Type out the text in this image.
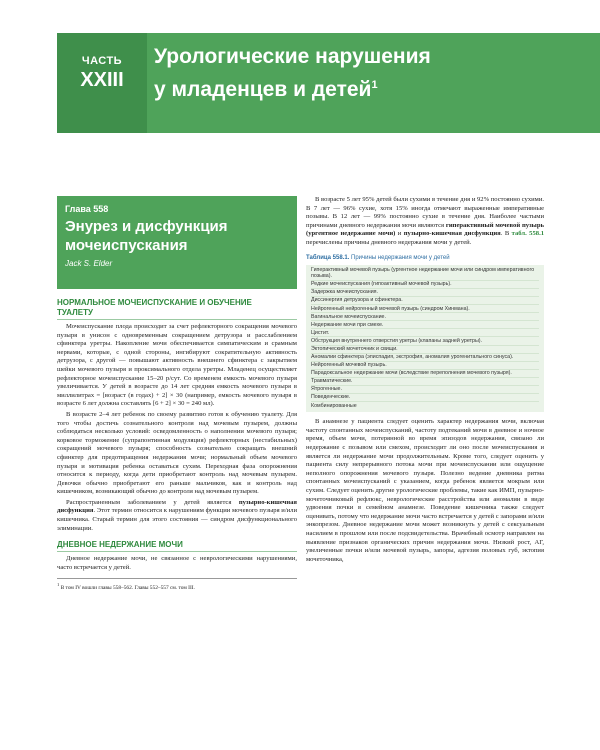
ЧАСТЬ
XXIII
Урологические нарушения
у младенцев и детей$^1$
Глава 558
Энурез и дисфункция
мочеиспускания
Jack S. Elder
НОРМАЛЬНОЕ МОЧЕИСПУСКАНИЕ И ОБУЧЕНИЕ
ТУАЛЕТУ

Мочеиспускание плода происходит за счет рефлекторного сокращения мочевого пузыря в унисон с одновременным сокращением детрузора и расслаблением сфинктера уретры. Накопление мочи обеспечивается симпатическим и срамным нервами, которые, с одной стороны, ингибируют сократительную активность детрузора, с другой — повышают активность внешнего сфинктера с закрытием шейки мочевого пузыря и проксимального отдела уретры. Младенец осуществляет рефлекторное мочеиспускание 15–20 р/сут. Со временем емкость мочевого пузыря увеличивается. У детей в возрасте до 14 лет средняя емкость мочевого пузыря в миллилитрах = [возраст (в годах) + 2] × 30 (например, емкость мочевого пузыря в возрасте 6 лет должна составлять [6 + 2] × 30 = 240 мл).

В возрасте 2–4 лет ребенок по своему развитию готов к обучению туалету. Для того чтобы достичь сознательного контроля над мочевым пузырем, должны соблюдаться несколько условий: осведомленность о наполнении мочевого пузыря; корковое торможение (супрапонтинная модуляция) рефлекторных (нестабильных) сокращений мочевого пузыря; способность сознательно сокращать внешний сфинктер для предотвращения недержания мочи; нормальный объем мочевого пузыря и мотивация ребенка оставаться сухим. Переходная фаза опорожнения относится к периоду, когда дети приобретают контроль над мочевым пузырем. Девочки обычно приобретают его раньше мальчиков, как и контроль над кишечником, возникающий обычно до контроля над мочевым пузырем.

Распространенным заболеванием у детей является пузырно-кишечная дисфункция. Этот термин относится к нарушениям функции мочевого пузыря и/или кишечника. Старый термин для этого состояния — синдром дисфункционального элиминации.

ДНЕВНОЕ НЕДЕРЖАНИЕ МОЧИ

Дневное недержание мочи, не связанное с неврологическими нарушениями, часто встречается у детей.

$^1$ В том IV вошли главы 558–562. Главы 552–557 см. том III.

В возрасте 5 лет 95% детей были сухими в течение дня и 92% постоянно сухими. В 7 лет — 96% сухие, хотя 15% иногда отмечают выраженные императивные позывы. В 12 лет — 99% постоянно сухие в течение дня. Наиболее частыми причинами дневного недержания мочи являются гиперактивный мочевой пузырь (ургентное недержание мочи) и пузырно-кишечная дисфункция. В табл. 558.1 перечислены причины дневного недержания мочи у детей.

Таблица 558.1. Причины недержания мочи у детей
Гиперактивный мочевой пузырь (ургентное недержание мочи или синдром императивного позыва).
Редкие мочеиспускания (гипоактивный мочевой пузырь).
Задержка мочеиспускания.
Диссинергия детрузора и сфинктера.
Нейрогенный нейрогенный мочевой пузырь (синдром Хинмана).
Вагинальное мочеиспускание.
Недержание мочи при смехе.
Цистит.
Обструкция внутреннего отверстия уретры (клапаны задней уретры).
Эктопический мочеточник и свищи.
Аномалии сфинктера (эписпадия, экстрофия, аномалия урогенитального синуса).
Нейрогенный мочевой пузырь.
Парадоксальное недержание мочи (вследствие переполнения мочевого пузыря).
Травматические.
Ятрогенные.
Поведенческие.
Комбинированные

В анамнезе у пациента следует оценить характер недержания мочи, включая частоту спонтанных мочеиспусканий, частоту подтеканий мочи в дневное и ночное время, объем мочи, потерянной во время эпизодов недержания, связано ли недержание с позывом или смехом, происходит ли оно после мочеиспускания и является ли недержание мочи продолжительным. Кроме того, следует оценить у пациента силу непрерывного потока мочи при мочеиспускании или ощущение неполного опорожнения мочевого пузыря. Полезно ведение дневника ритма спонтанных мочеиспусканий с указанием, когда ребенок является мокрым или сухим. Следует оценить другие урологические проблемы, такие как ИМП, пузырно-мочеточниковый рефлюкс, неврологические расстройства или аномалии в виде удвоения почки в семейном анамнезе. Поведение кишечника также следует оценивать, потому что недержание мочи часто встречается у детей с запорами и/или энкопрезом. Дневное недержание мочи может возникнуть у детей с сексуальным насилием в прошлом или после подсвидетельства. Врачебный осмотр направлен на выявление признаков органических причин недержания мочи. Низкий рост, АГ, увеличенные почки и/или мочевой пузырь, запоры, адгезия половых губ, эктопия мочеточника,
